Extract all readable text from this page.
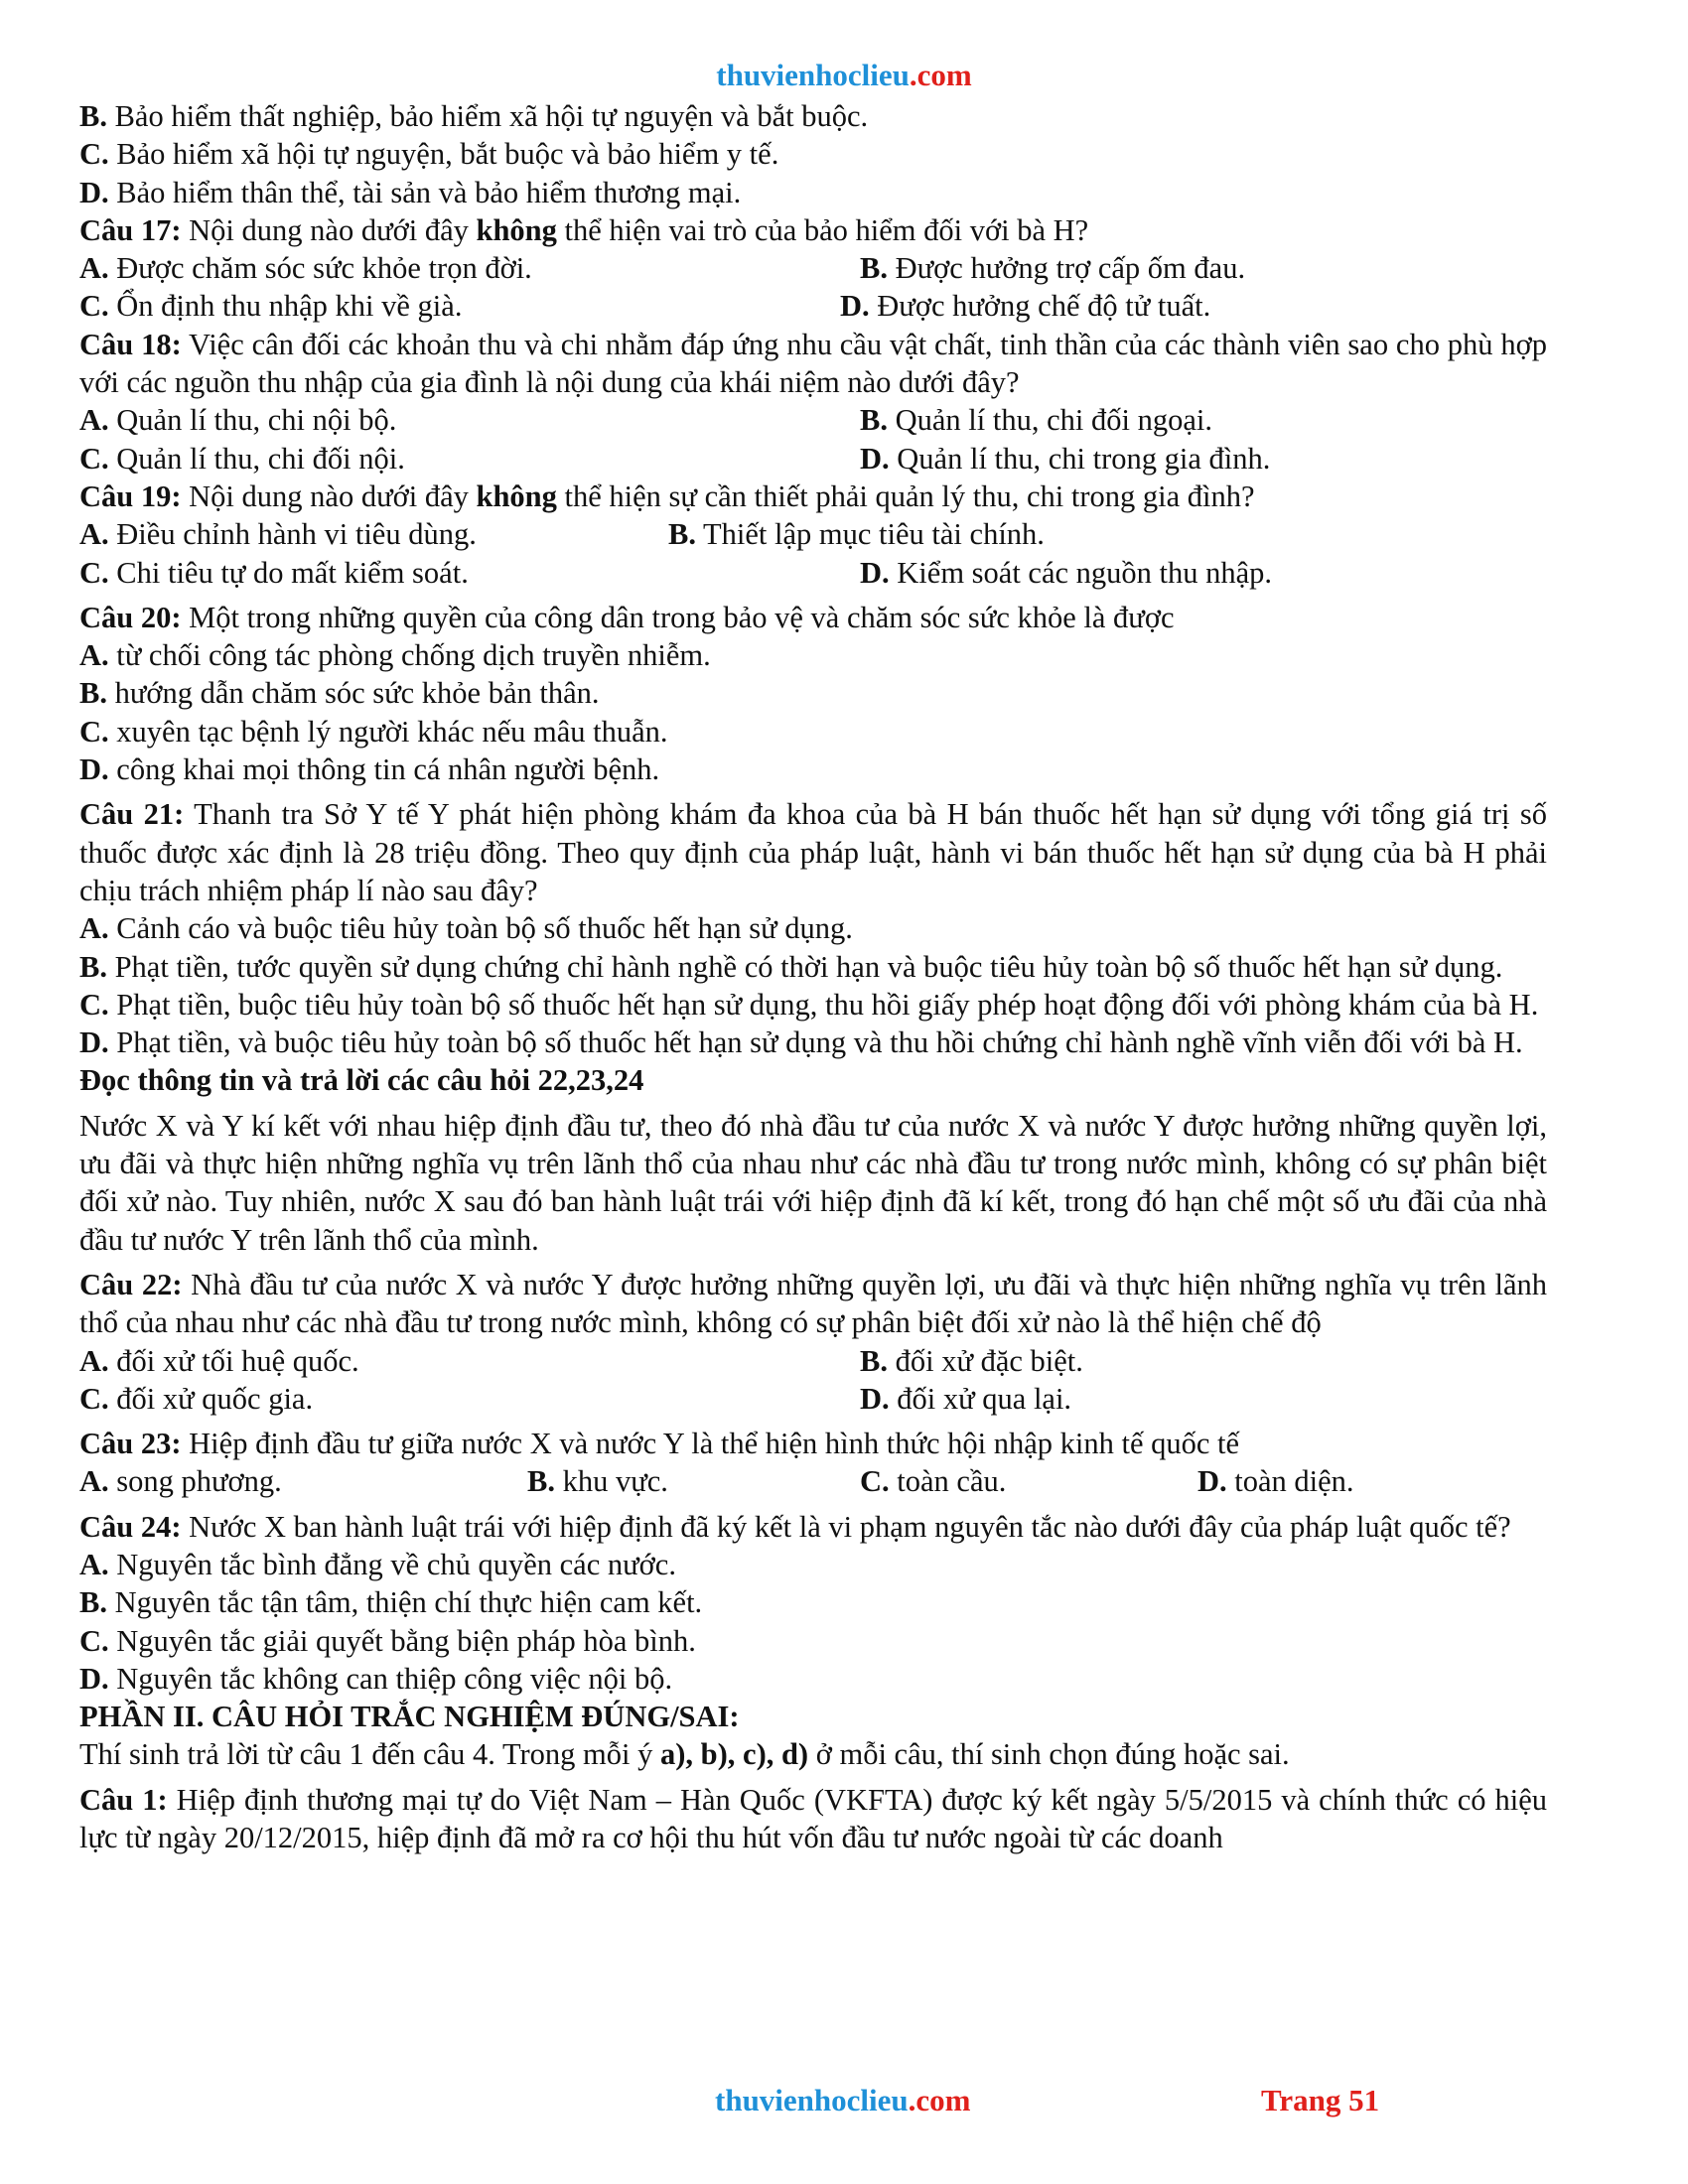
thuvienhoclieu.com
B. Bảo hiểm thất nghiệp, bảo hiểm xã hội tự nguyện và bắt buộc.
C. Bảo hiểm xã hội tự nguyện, bắt buộc và bảo hiểm y tế.
D. Bảo hiểm thân thể, tài sản và bảo hiểm thương mại.
Câu 17: Nội dung nào dưới đây không thể hiện vai trò của bảo hiểm đối với bà H?
A. Được chăm sóc sức khỏe trọn đời.	B. Được hưởng trợ cấp ốm đau.
C. Ổn định thu nhập khi về già.	D. Được hưởng chế độ tử tuất.
Câu 18: Việc cân đối các khoản thu và chi nhằm đáp ứng nhu cầu vật chất, tinh thần của các thành viên sao cho phù hợp với các nguồn thu nhập của gia đình là nội dung của khái niệm nào dưới đây?
A. Quản lí thu, chi nội bộ.	B. Quản lí thu, chi đối ngoại.
C. Quản lí thu, chi đối nội.	D. Quản lí thu, chi trong gia đình.
Câu 19: Nội dung nào dưới đây không thể hiện sự cần thiết phải quản lý thu, chi trong gia đình?
A. Điều chỉnh hành vi tiêu dùng.	B. Thiết lập mục tiêu tài chính.
C. Chi tiêu tự do mất kiểm soát.	D. Kiểm soát các nguồn thu nhập.
Câu 20: Một trong những quyền của công dân trong bảo vệ và chăm sóc sức khỏe là được
A. từ chối công tác phòng chống dịch truyền nhiễm.
B. hướng dẫn chăm sóc sức khỏe bản thân.
C. xuyên tạc bệnh lý người khác nếu mâu thuẫn.
D. công khai mọi thông tin cá nhân người bệnh.
Câu 21: Thanh tra Sở Y tế Y phát hiện phòng khám đa khoa của bà H bán thuốc hết hạn sử dụng với tổng giá trị số thuốc được xác định là 28 triệu đồng. Theo quy định của pháp luật, hành vi bán thuốc hết hạn sử dụng của bà H phải chịu trách nhiệm pháp lí nào sau đây?
A. Cảnh cáo và buộc tiêu hủy toàn bộ số thuốc hết hạn sử dụng.
B. Phạt tiền, tước quyền sử dụng chứng chỉ hành nghề có thời hạn và buộc tiêu hủy toàn bộ số thuốc hết hạn sử dụng.
C. Phạt tiền, buộc tiêu hủy toàn bộ số thuốc hết hạn sử dụng, thu hồi giấy phép hoạt động đối với phòng khám của bà H.
D. Phạt tiền, và buộc tiêu hủy toàn bộ số thuốc hết hạn sử dụng và thu hồi chứng chỉ hành nghề vĩnh viễn đối với bà H.
Đọc thông tin và trả lời các câu hỏi 22,23,24
Nước X và Y kí kết với nhau hiệp định đầu tư, theo đó nhà đầu tư của nước X và nước Y được hưởng những quyền lợi, ưu đãi và thực hiện những nghĩa vụ trên lãnh thổ của nhau như các nhà đầu tư trong nước mình, không có sự phân biệt đối xử nào. Tuy nhiên, nước X sau đó ban hành luật trái với hiệp định đã kí kết, trong đó hạn chế một số ưu đãi của nhà đầu tư nước Y trên lãnh thổ của mình.
Câu 22: Nhà đầu tư của nước X và nước Y được hưởng những quyền lợi, ưu đãi và thực hiện những nghĩa vụ trên lãnh thổ của nhau như các nhà đầu tư trong nước mình, không có sự phân biệt đối xử nào là thể hiện chế độ
A. đối xử tối huệ quốc.	B. đối xử đặc biệt.
C. đối xử quốc gia.	D. đối xử qua lại.
Câu 23: Hiệp định đầu tư giữa nước X và nước Y là thể hiện hình thức hội nhập kinh tế quốc tế
A. song phương.	B. khu vực.	C. toàn cầu.	D. toàn diện.
Câu 24: Nước X ban hành luật trái với hiệp định đã ký kết là vi phạm nguyên tắc nào dưới đây của pháp luật quốc tế?
A. Nguyên tắc bình đẳng về chủ quyền các nước.
B. Nguyên tắc tận tâm, thiện chí thực hiện cam kết.
C. Nguyên tắc giải quyết bằng biện pháp hòa bình.
D. Nguyên tắc không can thiệp công việc nội bộ.
PHẦN II. CÂU HỎI TRẮC NGHIỆM ĐÚNG/SAI:
Thí sinh trả lời từ câu 1 đến câu 4. Trong mỗi ý a), b), c), d) ở mỗi câu, thí sinh chọn đúng hoặc sai.
Câu 1: Hiệp định thương mại tự do Việt Nam – Hàn Quốc (VKFTA) được ký kết ngày 5/5/2015 và chính thức có hiệu lực từ ngày 20/12/2015, hiệp định đã mở ra cơ hội thu hút vốn đầu tư nước ngoài từ các doanh
thuvienhoclieu.com	Trang 51
